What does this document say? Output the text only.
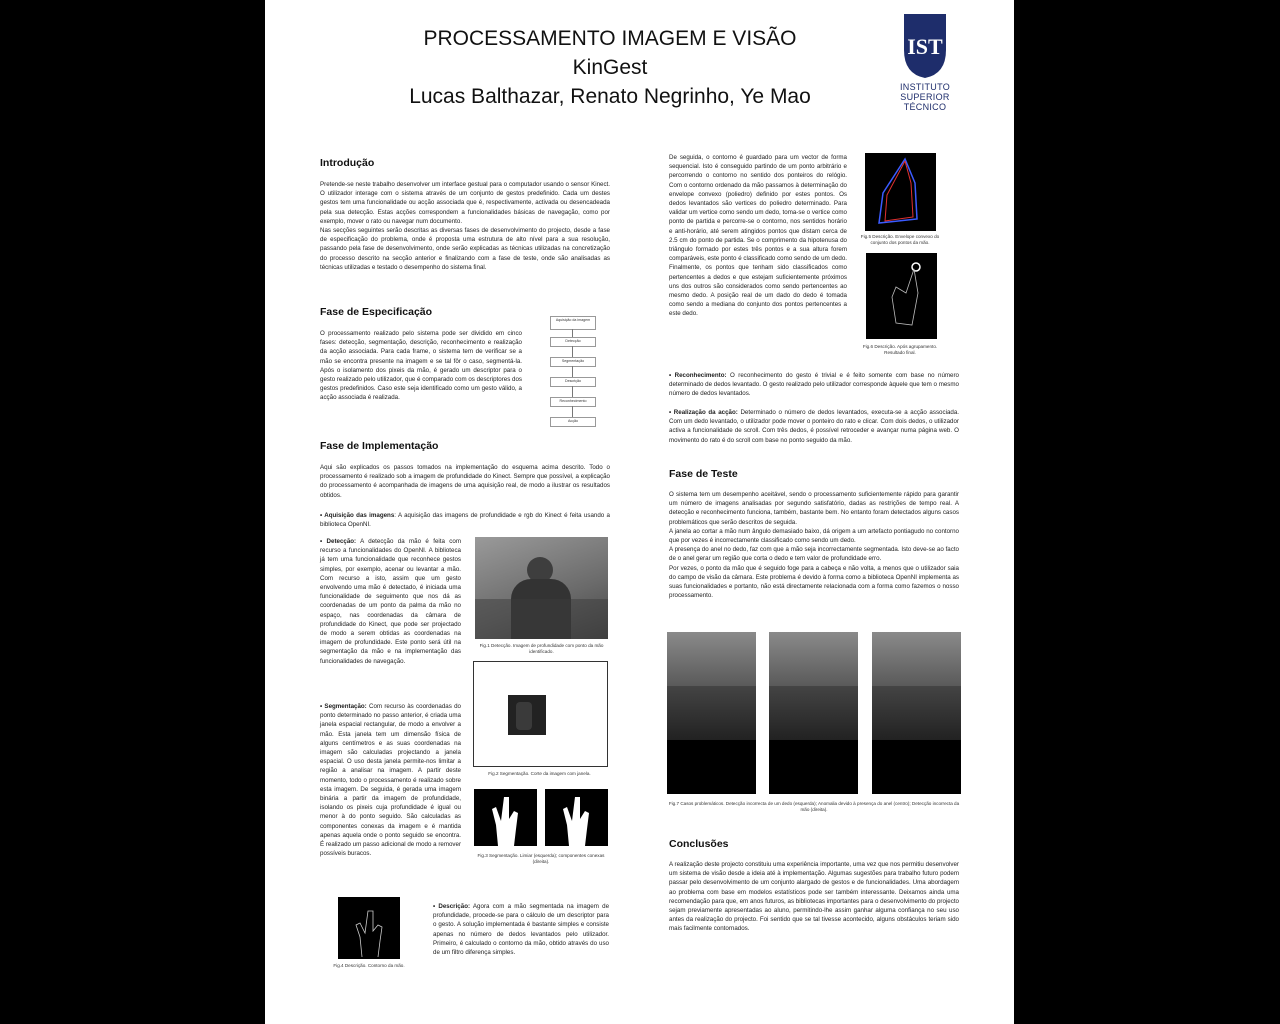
PROCESSAMENTO IMAGEM E VISÃO
KinGest
Lucas Balthazar, Renato Negrinho, Ye Mao
IST
INSTITUTO
SUPERIOR
TÉCNICO
Introdução
Pretende-se neste trabalho desenvolver um interface gestual para o computador usando o sensor Kinect. O utilizador interage com o sistema através de um conjunto de gestos predefinido. Cada um destes gestos tem uma funcionalidade ou acção associada que é, respectivamente, activada ou desencadeada pela sua detecção. Estas acções correspondem a funcionalidades básicas de navegação, como por exemplo, mover o rato ou navegar num documento.
Nas secções seguintes serão descritas as diversas fases de desenvolvimento do projecto, desde a fase de especificação do problema, onde é proposta uma estrutura de alto nível para a sua resolução, passando pela fase de desenvolvimento, onde serão explicadas as técnicas utilizadas na concretização do processo descrito na secção anterior e finalizando com a fase de teste, onde são analisadas as técnicas utilizadas e testado o desempenho do sistema final.
Fase de Especificação
O processamento realizado pelo sistema pode ser dividido em cinco fases: detecção, segmentação, descrição, reconhecimento e realização da acção associada. Para cada frame, o sistema tem de verificar se a mão se encontra presente na imagem e se tal fôr o caso, segmentá-la. Após o isolamento dos pixeis da mão, é gerado um descriptor para o gesto realizado pelo utilizador, que é comparado com os descriptores dos gestos predefinidos. Caso este seja identificado como um gesto válido, a acção associada é realizada.
Aquisição da imagem
Detecção
Segmentação
Descrição
Reconhecimento
Acção
Fase de Implementação
Aqui são explicados os passos tomados na implementação do esquema acima descrito. Todo o processamento é realizado sob a imagem de profundidade do Kinect. Sempre que possível, a explicação do processamento é acompanhada de imagens de uma aquisição real, de modo a ilustrar os resultados obtidos.
• Aquisição das imagens: A aquisição das imagens de profundidade e rgb do Kinect é feita usando a biblioteca OpenNI.
• Detecção: A detecção da mão é feita com recurso a funcionalidades do OpenNI. A biblioteca já tem uma funcionalidade que reconhece gestos simples, por exemplo, acenar ou levantar a mão. Com recurso a isto, assim que um gesto envolvendo uma mão é detectado, é iniciada uma funcionalidade de seguimento que nos dá as coordenadas de um ponto da palma da mão no espaço, nas coordenadas da câmara de profundidade do Kinect, que pode ser projectado de modo a serem obtidas as coordenadas na imagem de profundidade. Este ponto será útil na segmentação da mão e na implementação das funcionalidades de navegação.
• Segmentação: Com recurso às coordenadas do ponto determinado no passo anterior, é criada uma janela espacial rectangular, de modo a envolver a mão. Esta janela tem um dimensão física de alguns centímetros e as suas coordenadas na imagem são calculadas projectando a janela espacial. O uso desta janela permite-nos limitar a região a analisar na imagem. A partir deste momento, todo o processamento é realizado sobre esta imagem. De seguida, é gerada uma imagem binária a partir da imagem de profundidade, isolando os pixeis cuja profundidade é igual ou menor à do ponto seguido. São calculadas as componentes conexas da imagem e é mantida apenas aquela onde o ponto seguido se encontra. É realizado um passo adicional de modo a remover possíveis buracos.
• Descrição: Agora com a mão segmentada na imagem de profundidade, procede-se para o cálculo de um descriptor para o gesto. A solução implementada é bastante simples e consiste apenas no número de dedos levantados pelo utilizador. Primeiro, é calculado o contorno da mão, obtido através do uso de um filtro diferença simples.
Fig.1 Detecção. Imagem de profundidade com ponto da mão identificado.
Fig.2 Segmentação. Corte da imagem com janela.
Fig.3 Segmentação. Limiar (esquerda); componentes conexas (direita).
Fig.4 Descrição. Contorno da mão.
De seguida, o contorno é guardado para um vector de forma sequencial. Isto é conseguido partindo de um ponto arbitrário e percorrendo o contorno no sentido dos ponteiros do relógio. Com o contorno ordenado da mão passamos à determinação do envelope convexo (poliedro) definido por estes pontos. Os dedos levantados são vertices do poliedro determinado. Para validar um vertice como sendo um dedo, toma-se o vertice como ponto de partida e percorre-se o contorno, nos sentidos horário e anti-horário, até serem atingidos pontos que distam cerca de 2.5 cm do ponto de partida. Se o comprimento da hipotenusa do triângulo formado por estes três pontos e a sua altura forem comparáveis, este ponto é classificado como sendo de um dedo. Finalmente, os pontos que tenham sido classificados como pertencentes a dedos e que estejam suficientemente próximos uns dos outros são considerados como sendo pertencentes ao mesmo dedo. A posição real de um dado do dedo é tomada como sendo a mediana do conjunto dos pontos pertencentes a este dedo.
Fig.5 Descrição. Envelope convexo do conjunto dos pontos da mão.
Fig.6 Descrição. Após agrupamento. Resultado final.
• Reconhecimento: O reconhecimento do gesto é trivial e é feito somente com base no número determinado de dedos levantado. O gesto realizado pelo utilizador corresponde àquele que tem o mesmo número de dedos levantados.
• Realização da acção: Determinado o número de dedos levantados, executa-se a acção associada. Com um dedo levantado, o utilizador pode mover o ponteiro do rato e clicar. Com dois dedos, o utilizador activa a funcionalidade de scroll. Com três dedos, é possível retroceder e avançar numa página web. O movimento do rato é do scroll com base no ponto seguido da mão.
Fase de Teste
O sistema tem um desempenho aceitável, sendo o processamento suficientemente rápido para garantir um número de imagens analisadas por segundo satisfatório, dadas as restrições de tempo real. A detecção e reconhecimento funciona, também, bastante bem. No entanto foram detectados alguns casos problemáticos que serão descritos de seguida.
A janela ao cortar a mão num ângulo demasiado baixo, dá origem a um artefacto pontiagudo no contorno que por vezes é incorrectamente classificado como sendo um dedo.
A presença do anel no dedo, faz com que a mão seja incorrectamente segmentada. Isto deve-se ao facto de o anel gerar um região que corta o dedo e tem valor de profundidade erro.
Por vezes, o ponto da mão que é seguido foge para a cabeça e não volta, a menos que o utilizador saia do campo de visão da câmara. Este problema é devido à forma como a biblioteca OpenNI implementa as suas funcionalidades e portanto, não está directamente relacionada com a forma como fazemos o nosso processamento.
Fig.7 Casos problemáticos. Detecção incorrecta de um dedo (esquerda); Anomalia devido à presença do anel (centro); Detecção incorrecta da mão (direita).
Conclusões
A realização deste projecto constituiu uma experiência importante, uma vez que nos permitiu desenvolver um sistema de visão desde a ideia até à implementação. Algumas sugestões para trabalho futuro podem passar pelo desenvolvimento de um conjunto alargado de gestos e de funcionalidades. Uma abordagem ao problema com base em modelos estatísticos pode ser também interessante. Deixamos ainda uma recomendação para que, em anos futuros, as bibliotecas importantes para o desenvolvimento do projecto sejam previamente apresentadas ao aluno, permitindo-lhe assim ganhar alguma confiança no seu uso antes da realização do projecto. Foi sentido que se tal tivesse acontecido, alguns obstáculos teriam sido mais facilmente contornados.
